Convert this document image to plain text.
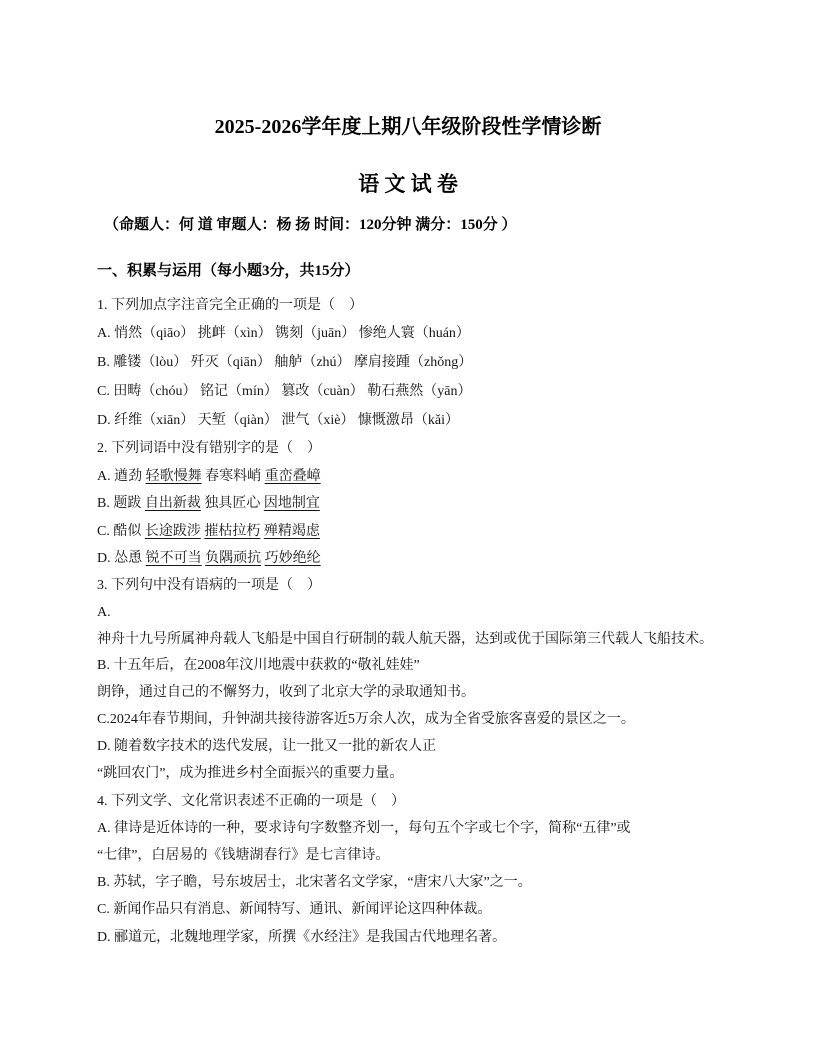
2025-2026学年度上期八年级阶段性学情诊断
语 文 试 卷
（命题人：何 道 审题人：杨 扬 时间：120分钟 满分：150分 ）
一、积累与运用（每小题3分，共15分）
1. 下列加点字注音完全正确的一项是（    ）
A. 悄然（qiāo） 挑衅（xìn） 镌刻（juān） 惨绝人寰（huán）
B. 雕镂（lòu） 歼灭（qiān） 舳舻（zhú） 摩肩接踵（zhǒng）
C. 田畴（chóu） 铭记（mín） 篡改（cuàn） 勒石燕然（yān）
D. 纤维（xiān） 天堑（qiàn） 泄气（xiè） 慷慨激昂（kǎi）
2. 下列词语中没有错别字的是（    ）
A. 遒劲 轻歌慢舞 春寒料峭 重峦叠嶂
B. 题跋 自出新裁 独具匠心 因地制宜
C. 酷似 长途跋涉 摧枯拉朽 殚精竭虑
D. 怂恿 锐不可当 负隅顽抗 巧妙绝纶
3. 下列句中没有语病的一项是（    ）
A.
神舟十九号所属神舟载人飞船是中国自行研制的载人航天器，达到或优于国际第三代载人飞船技术。
B. 十五年后，在2008年汶川地震中获救的“敬礼娃娃”
朗铮，通过自己的不懈努力，收到了北京大学的录取通知书。
C.2024年春节期间，升钟湖共接待游客近5万余人次，成为全省受旅客喜爱的景区之一。
D. 随着数字技术的迭代发展，让一批又一批的新农人正
“跳回农门”，成为推进乡村全面振兴的重要力量。
4. 下列文学、文化常识表述不正确的一项是（    ）
A. 律诗是近体诗的一种，要求诗句字数整齐划一，每句五个字或七个字，简称“五律”或
“七律”，白居易的《钱塘湖春行》是七言律诗。
B. 苏轼，字子瞻，号东坡居士，北宋著名文学家，“唐宋八大家”之一。
C. 新闻作品只有消息、新闻特写、通讯、新闻评论这四种体裁。
D. 郦道元，北魏地理学家，所撰《水经注》是我国古代地理名著。
